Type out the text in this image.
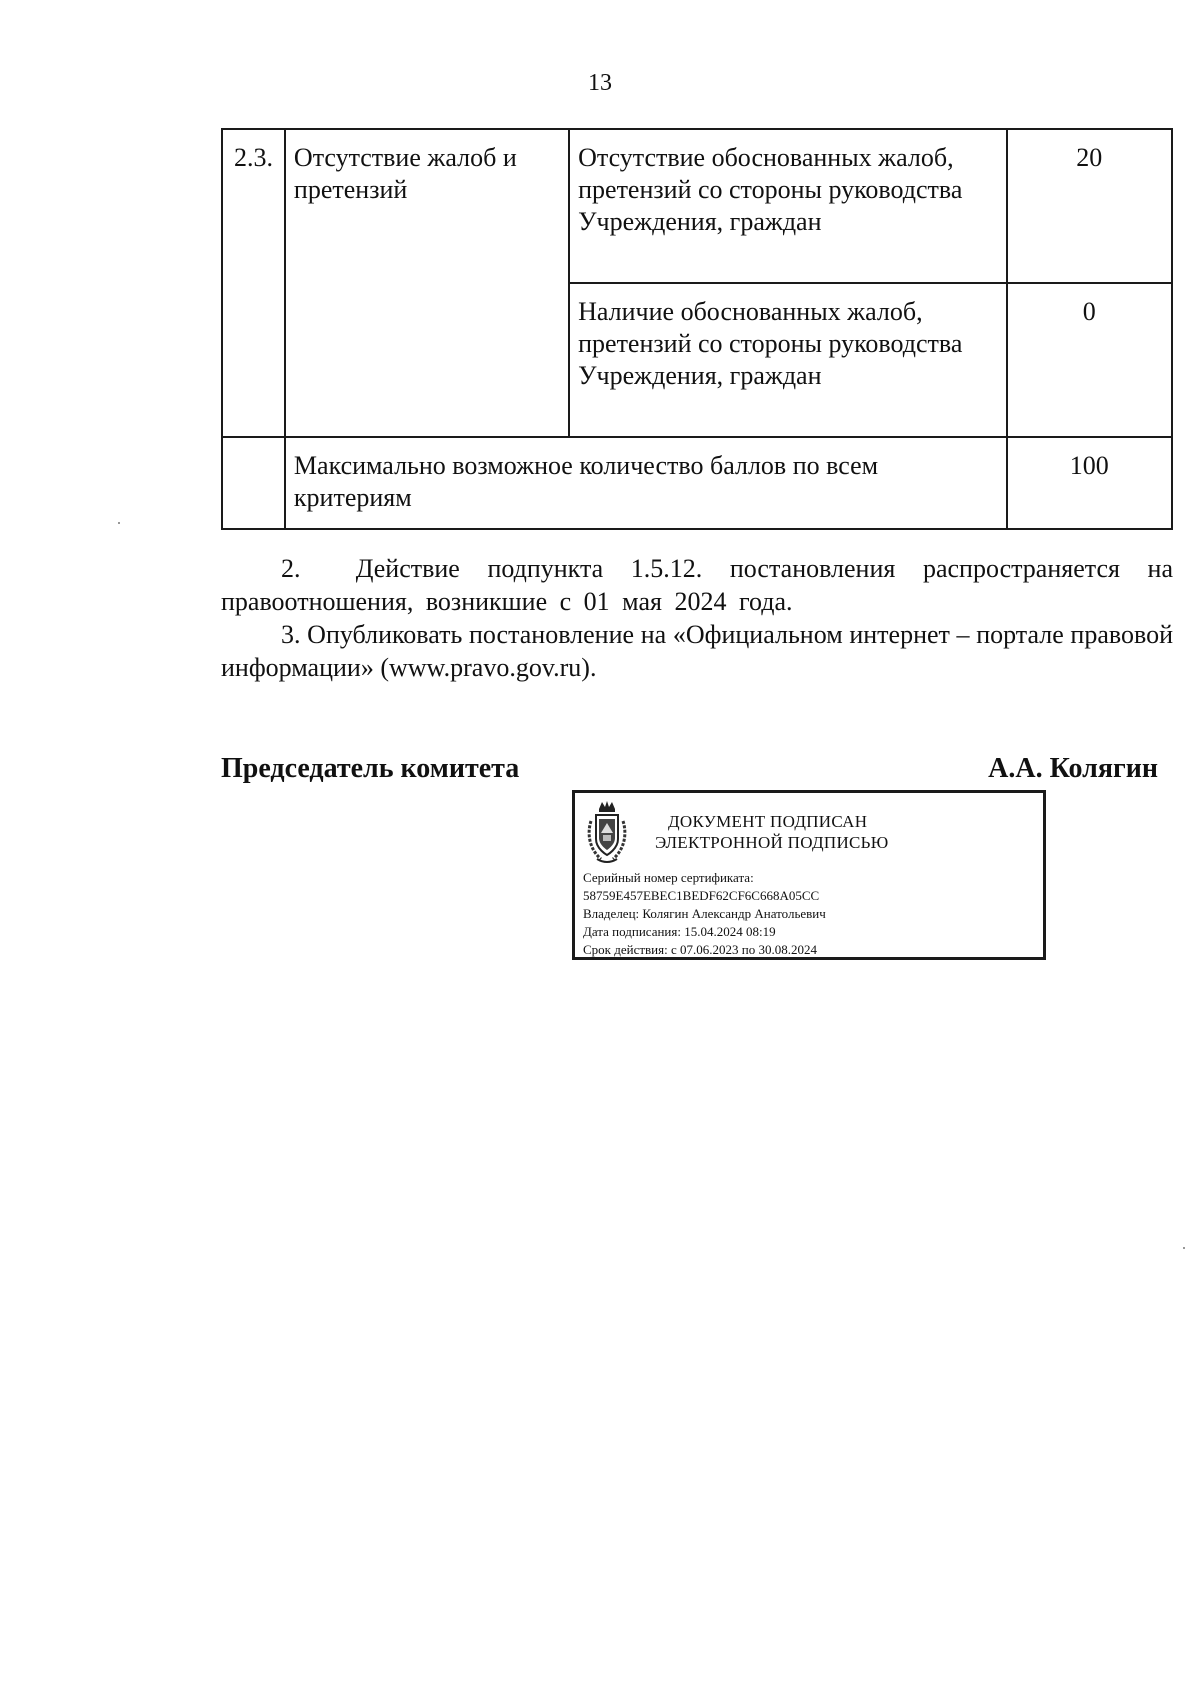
13
2.3.	Отсутствие жалоб и претензий	Отсутствие обоснованных жалоб, претензий со стороны руководства Учреждения, граждан	20
		Наличие обоснованных жалоб, претензий со стороны руководства Учреждения, граждан	0
	Максимально возможное количество баллов по всем критериям		100

2.  Действие подпункта 1.5.12. постановления распространяется на правоотношения, возникшие с 01 мая 2024 года.

3. Опубликовать постановление на «Официальном интернет – портале правовой информации» (www.pravo.gov.ru).

Председатель комитета	А.А. Колягин
ДОКУМЕНТ ПОДПИСАН
ЭЛЕКТРОННОЙ ПОДПИСЬЮ
Серийный номер сертификата:
58759E457EBEC1BEDF62CF6C668A05CC
Владелец: Колягин Александр Анатольевич
Дата подписания: 15.04.2024 08:19
Срок действия: с 07.06.2023 по 30.08.2024
